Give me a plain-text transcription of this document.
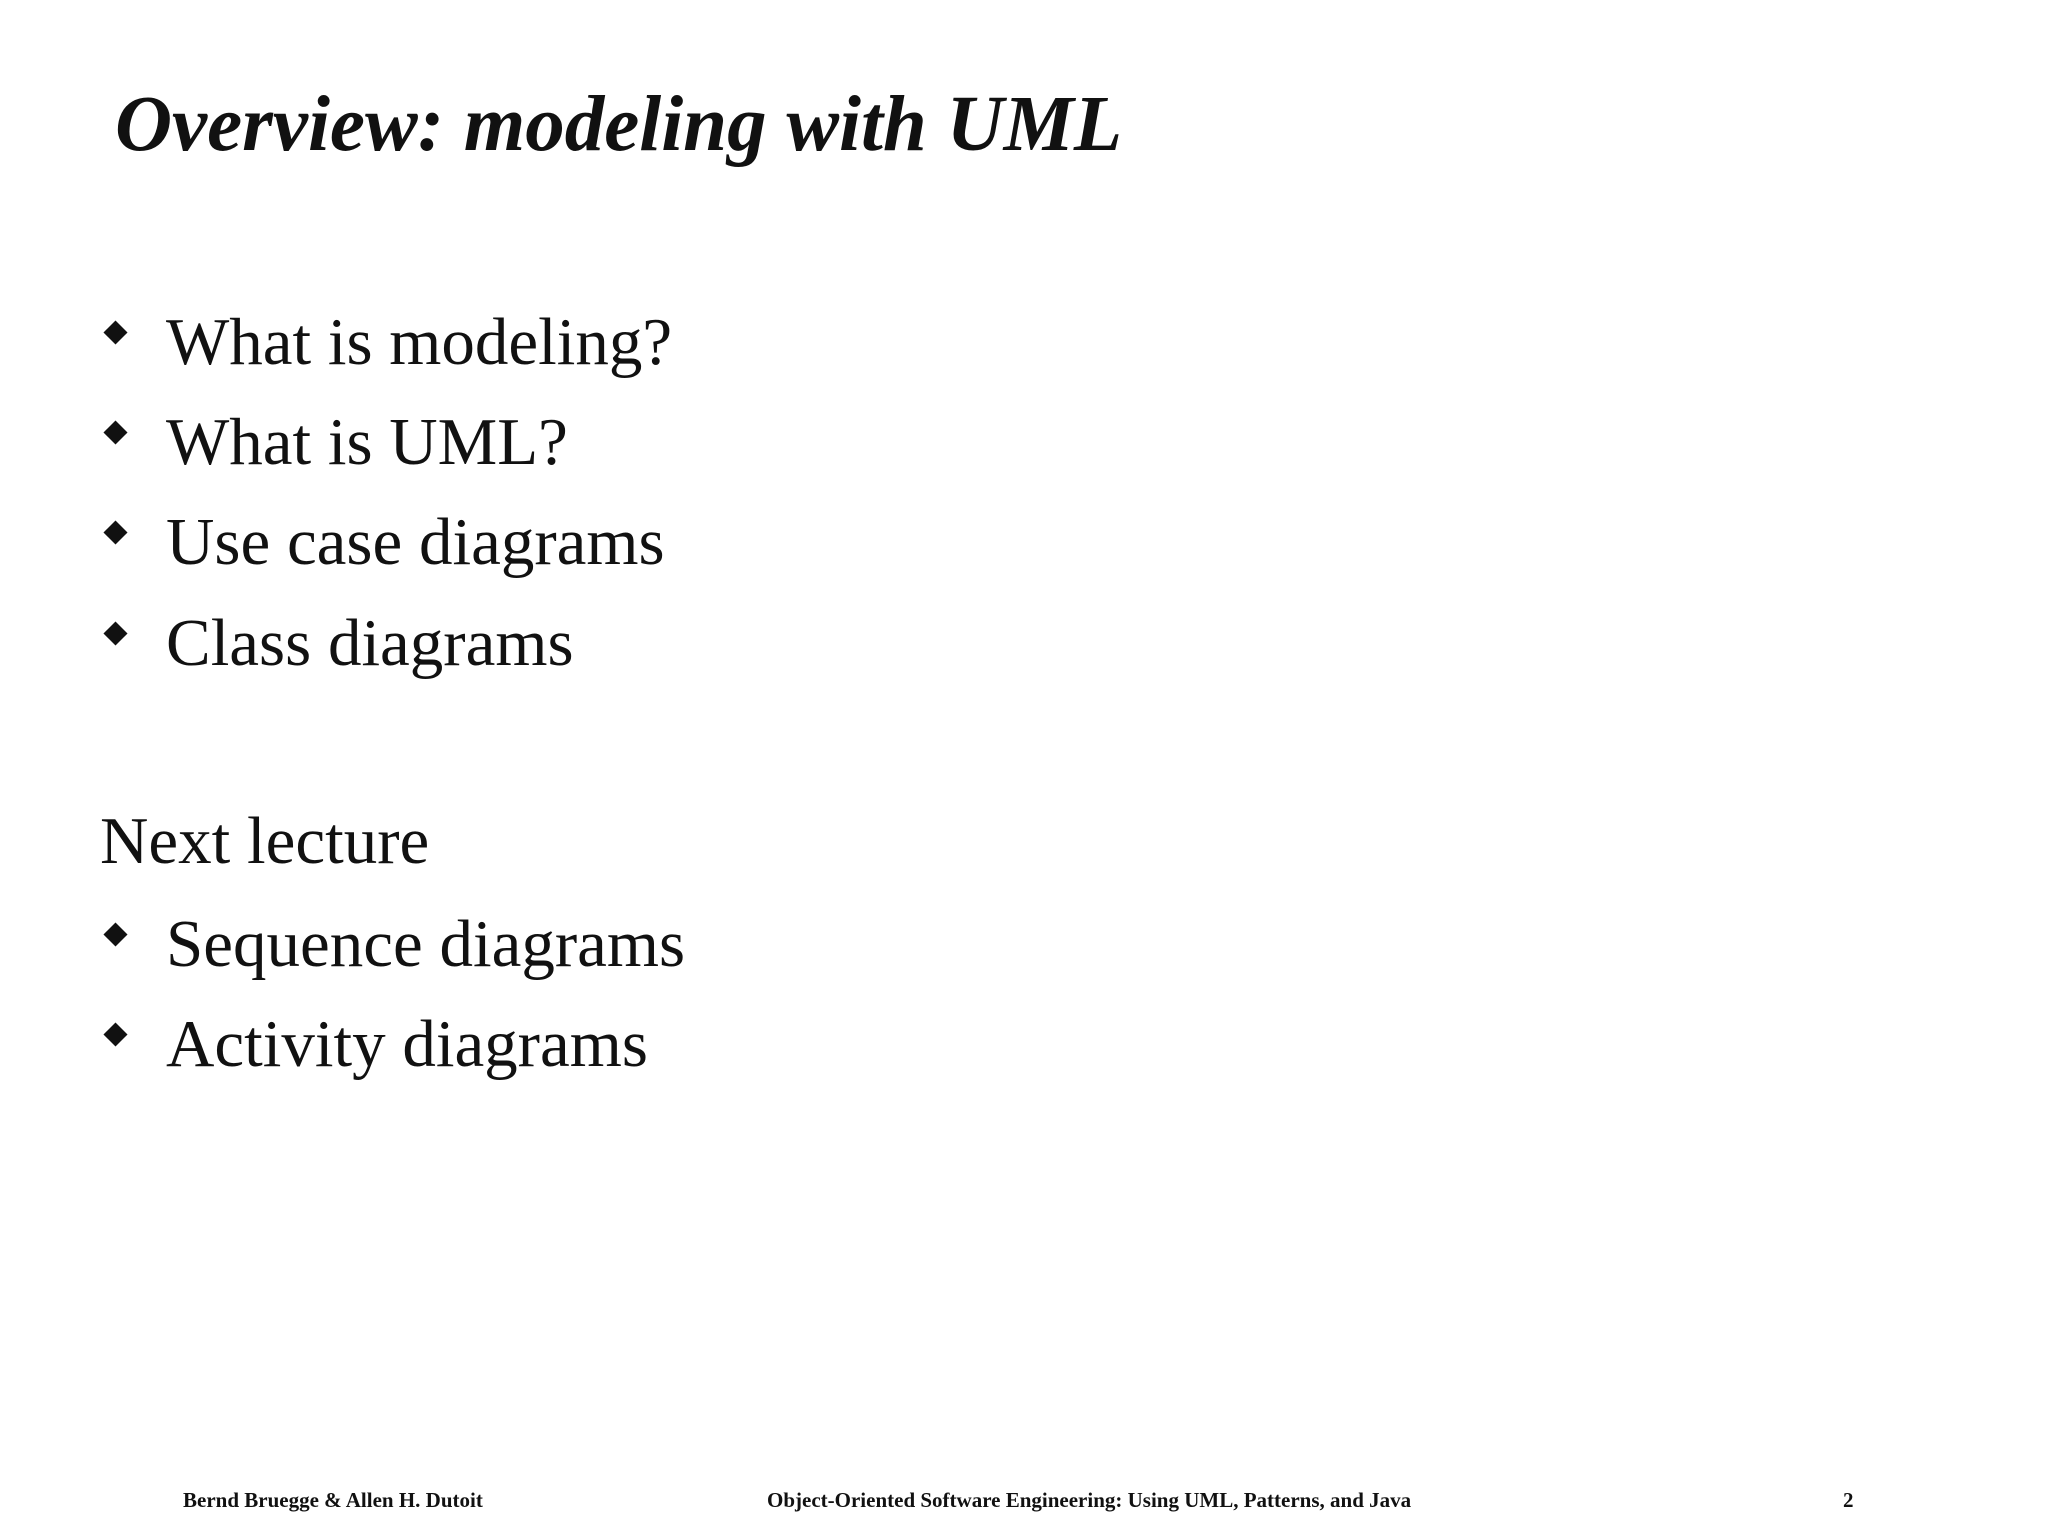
Overview: modeling with UML
What is modeling?
What is UML?
Use case diagrams
Class diagrams
Next lecture
Sequence diagrams
Activity diagrams
Bernd Bruegge & Allen H. Dutoit	Object-Oriented Software Engineering: Using UML, Patterns, and Java	2
